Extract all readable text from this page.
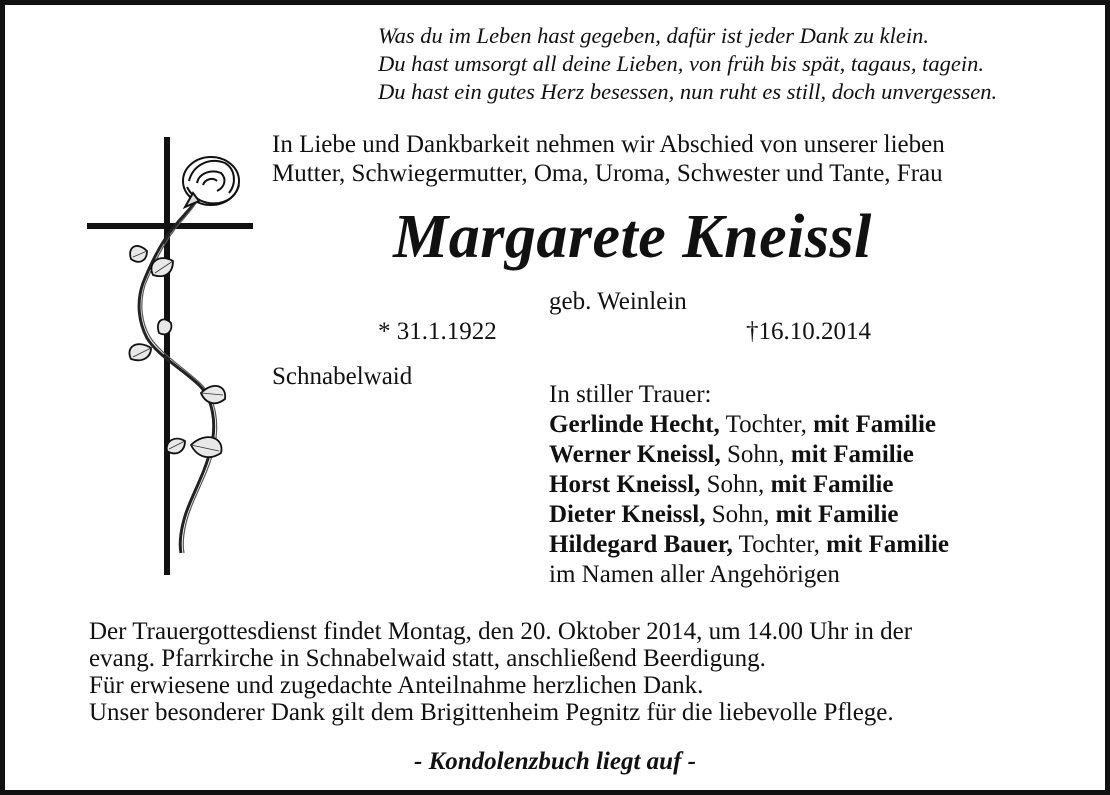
Was du im Leben hast gegeben, dafür ist jeder Dank zu klein.
Du hast umsorgt all deine Lieben, von früh bis spät, tagaus, tagein.
Du hast ein gutes Herz besessen, nun ruht es still, doch unvergessen.
In Liebe und Dankbarkeit nehmen wir Abschied von unserer lieben
Mutter, Schwiegermutter, Oma, Uroma, Schwester und Tante, Frau
Margarete Kneissl
geb. Weinlein
* 31.1.1922	†16.10.2014
Schnabelwaid
In stiller Trauer:
Gerlinde Hecht, Tochter, mit Familie
Werner Kneissl, Sohn, mit Familie
Horst Kneissl, Sohn, mit Familie
Dieter Kneissl, Sohn, mit Familie
Hildegard Bauer, Tochter, mit Familie
im Namen aller Angehörigen
Der Trauergottesdienst findet Montag, den 20. Oktober 2014, um 14.00 Uhr in der
evang. Pfarrkirche in Schnabelwaid statt, anschließend Beerdigung.
Für erwiesene und zugedachte Anteilnahme herzlichen Dank.
Unser besonderer Dank gilt dem Brigittenheim Pegnitz für die liebevolle Pflege.
- Kondolenzbuch liegt auf -
